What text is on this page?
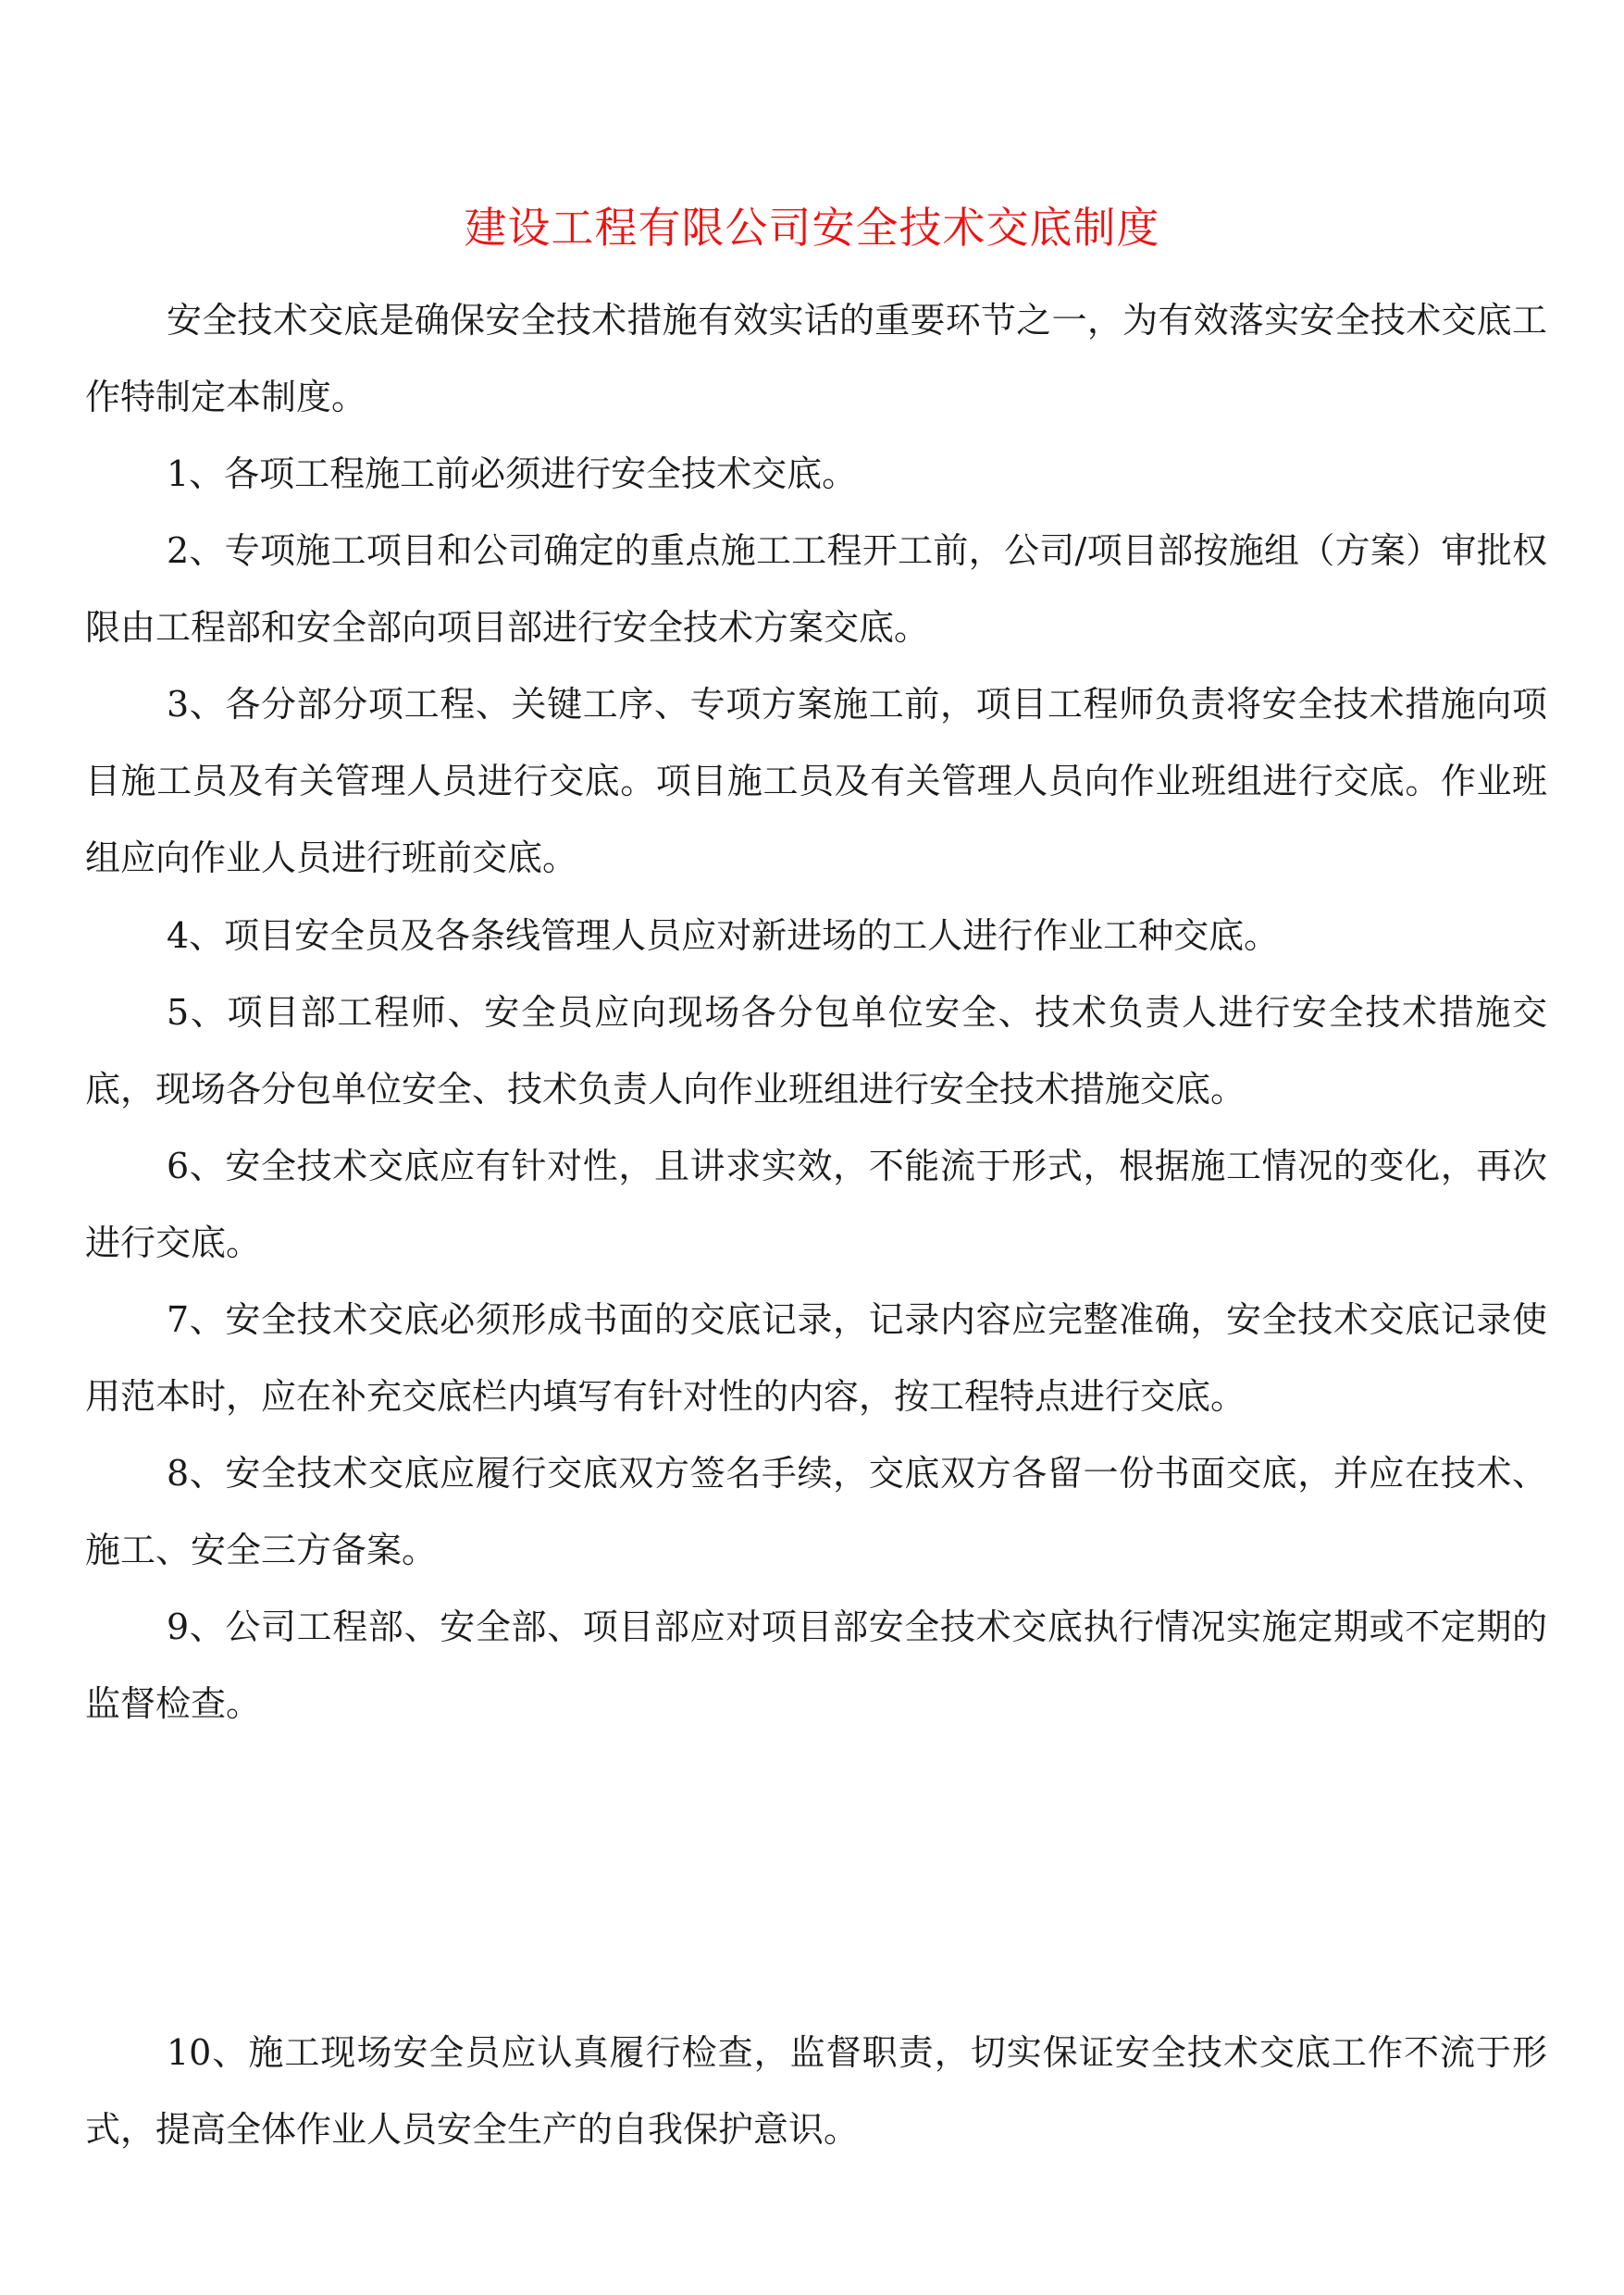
建设工程有限公司安全技术交底制度
安全技术交底是确保安全技术措施有效实话的重要环节之一，为有效落实安全技术交底工作特制定本制度。
1、各项工程施工前必须进行安全技术交底。
2、专项施工项目和公司确定的重点施工工程开工前，公司/项目部按施组（方案）审批权限由工程部和安全部向项目部进行安全技术方案交底。
3、各分部分项工程、关键工序、专项方案施工前，项目工程师负责将安全技术措施向项目施工员及有关管理人员进行交底。项目施工员及有关管理人员向作业班组进行交底。作业班组应向作业人员进行班前交底。
4、项目安全员及各条线管理人员应对新进场的工人进行作业工种交底。
5、项目部工程师、安全员应向现场各分包单位安全、技术负责人进行安全技术措施交底，现场各分包单位安全、技术负责人向作业班组进行安全技术措施交底。
6、安全技术交底应有针对性，且讲求实效，不能流于形式，根据施工情况的变化，再次进行交底。
7、安全技术交底必须形成书面的交底记录，记录内容应完整准确，安全技术交底记录使用范本时，应在补充交底栏内填写有针对性的内容，按工程特点进行交底。
8、安全技术交底应履行交底双方签名手续，交底双方各留一份书面交底，并应在技术、施工、安全三方备案。
9、公司工程部、安全部、项目部应对项目部安全技术交底执行情况实施定期或不定期的监督检查。
10、施工现场安全员应认真履行检查，监督职责，切实保证安全技术交底工作不流于形式，提高全体作业人员安全生产的自我保护意识。
